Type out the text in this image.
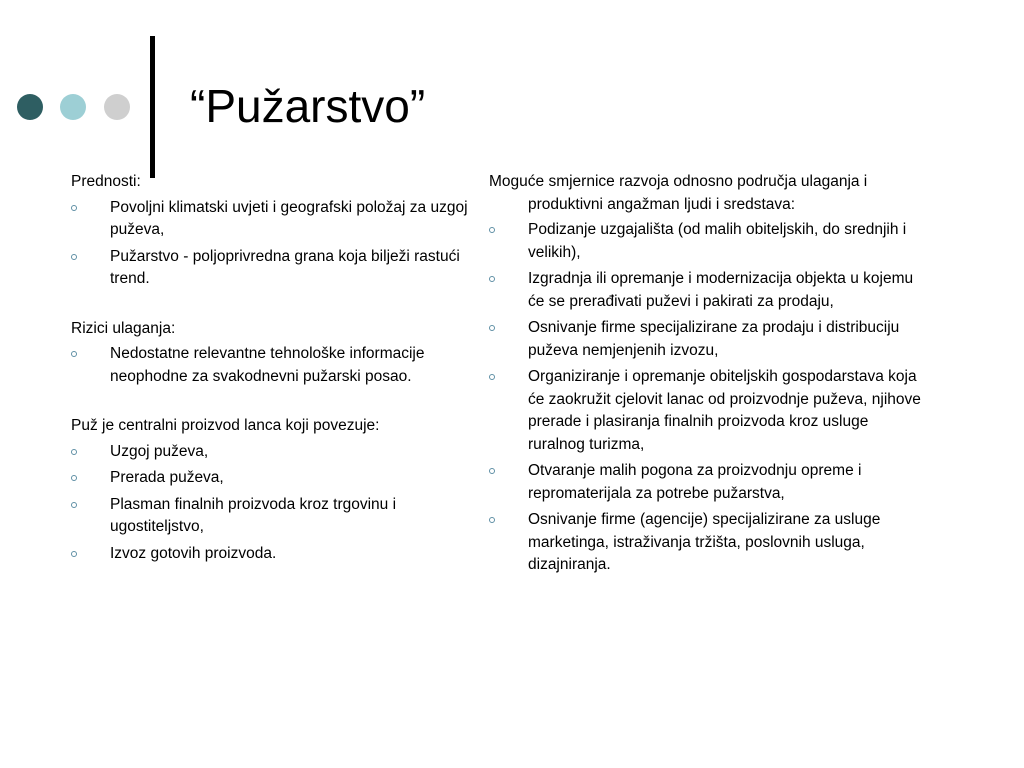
“Pužarstvo”

Prednosti:

Povoljni klimatski uvjeti i geografski položaj za uzgoj puževa,
Pužarstvo - poljoprivredna grana koja bilježi rastući trend.

Rizici ulaganja:

Nedostatne relevantne tehnološke informacije neophodne za svakodnevni pužarski posao.

Puž je centralni proizvod lanca koji povezuje:

Uzgoj puževa,
Prerada puževa,
Plasman finalnih proizvoda kroz trgovinu i ugostiteljstvo,
Izvoz gotovih proizvoda.

Moguće smjernice razvoja odnosno područja ulaganja i produktivni angažman ljudi i sredstava:

Podizanje uzgajališta (od malih obiteljskih, do srednjih i velikih),
Izgradnja ili opremanje i modernizacija objekta u kojemu će se prerađivati puževi i pakirati za prodaju,
Osnivanje firme specijalizirane za prodaju i distribuciju puževa nemjenjenih izvozu,
Organiziranje i opremanje obiteljskih gospodarstava koja će zaokružit cjelovit lanac od proizvodnje puževa, njihove prerade i plasiranja finalnih proizvoda kroz usluge ruralnog turizma,
Otvaranje malih pogona za proizvodnju opreme i repromaterijala za potrebe pužarstva,
Osnivanje firme (agencije) specijalizirane za usluge marketinga, istraživanja tržišta, poslovnih usluga, dizajniranja.
